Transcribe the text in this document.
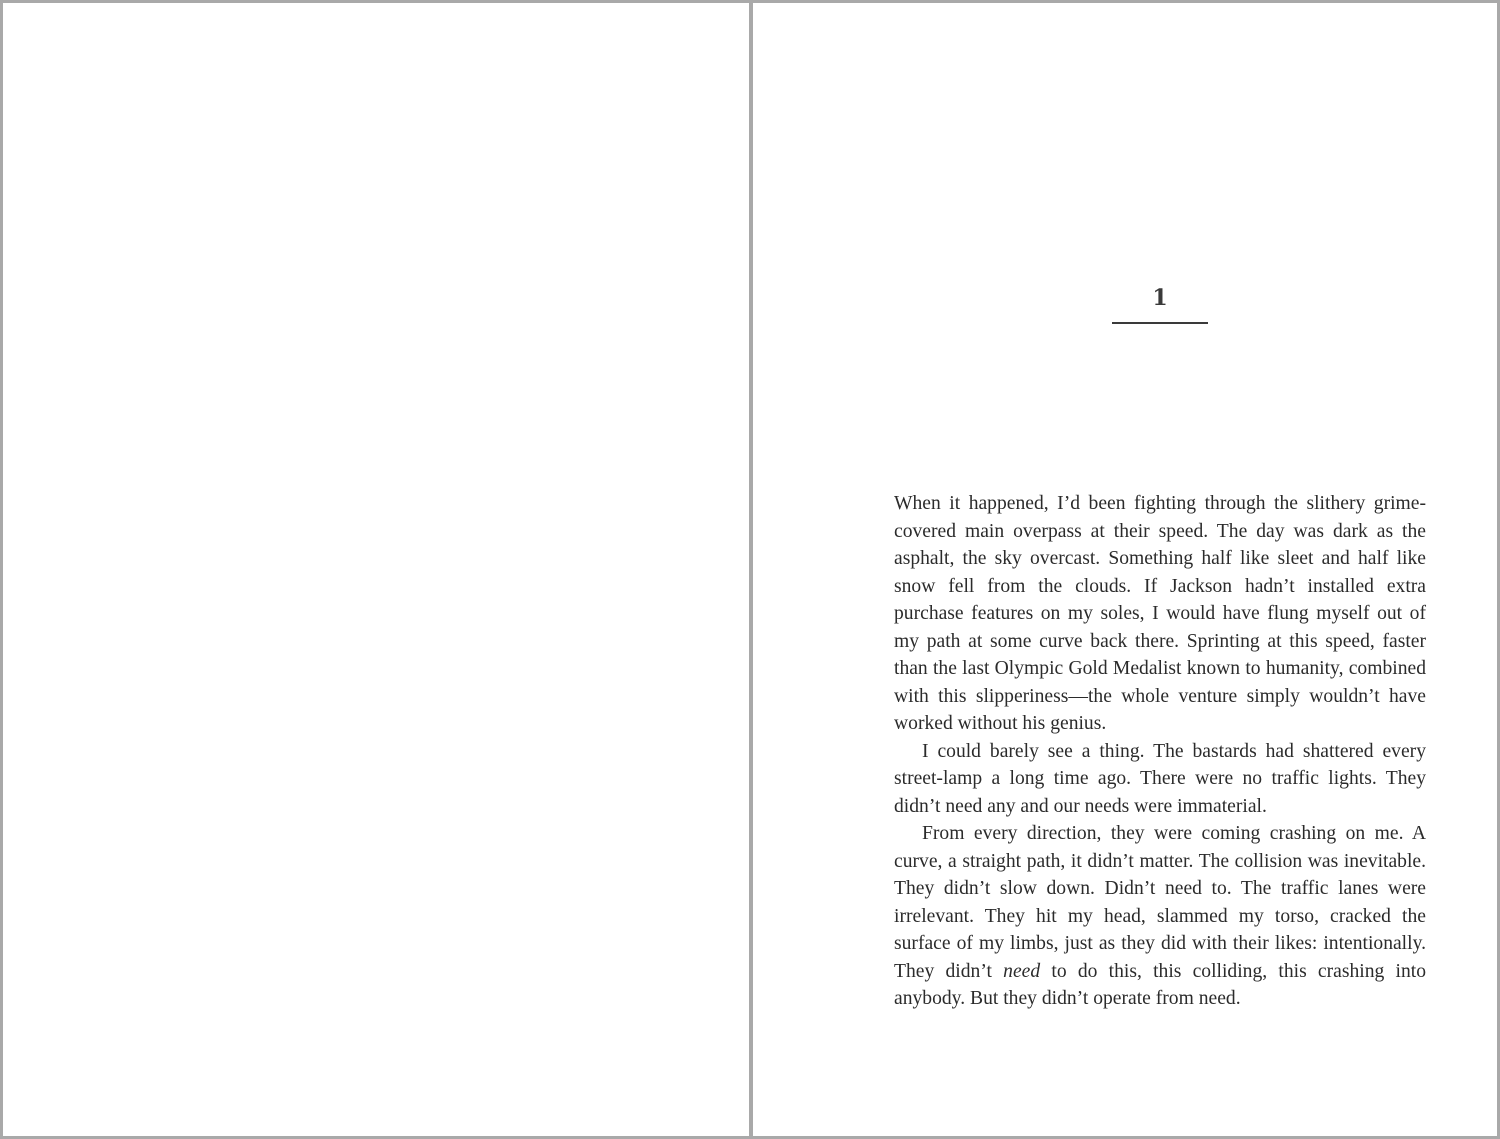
1

When it happened, I’d been fighting through the slithery grime-covered main overpass at their speed. The day was dark as the asphalt, the sky overcast. Something half like sleet and half like snow fell from the clouds. If Jackson hadn’t installed extra purchase features on my soles, I would have flung myself out of my path at some curve back there. Sprinting at this speed, faster than the last Olympic Gold Medalist known to humanity, combined with this slipperiness—the whole venture simply wouldn’t have worked without his genius.

I could barely see a thing. The bastards had shattered every street-lamp a long time ago. There were no traffic lights. They didn’t need any and our needs were immaterial.

From every direction, they were coming crashing on me. A curve, a straight path, it didn’t matter. The collision was inevitable. They didn’t slow down. Didn’t need to. The traffic lanes were irrelevant. They hit my head, slammed my torso, cracked the surface of my limbs, just as they did with their likes: intentionally. They didn’t need to do this, this colliding, this crashing into anybody. But they didn’t operate from need.
